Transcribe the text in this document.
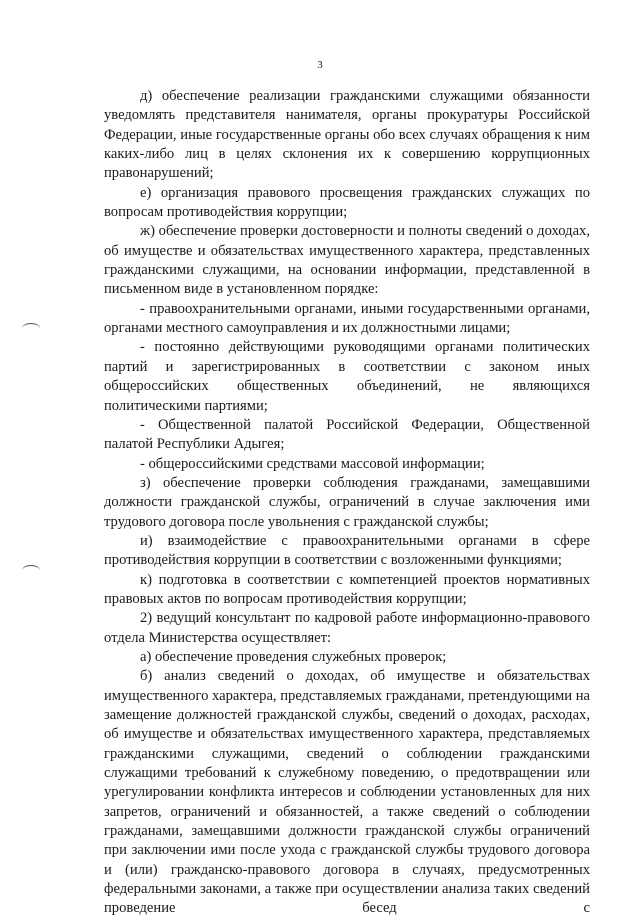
3

д) обеспечение реализации гражданскими служащими обязанности уведомлять представителя нанимателя, органы прокуратуры Российской Федерации, иные государственные органы обо всех случаях обращения к ним каких-либо лиц в целях склонения их к совершению коррупционных правонарушений;

е) организация правового просвещения гражданских служащих по вопросам противодействия коррупции;

ж) обеспечение проверки достоверности и полноты сведений о доходах, об имуществе и обязательствах имущественного характера, представленных гражданскими служащими, на основании информации, представленной в письменном виде в установленном порядке:

- правоохранительными органами, иными государственными органами, органами местного самоуправления и их должностными лицами;

- постоянно действующими руководящими органами политических партий и зарегистрированных в соответствии с законом иных общероссийских общественных объединений, не являющихся политическими партиями;

- Общественной палатой Российской Федерации, Общественной палатой Республики Адыгея;

- общероссийскими средствами массовой информации;

з) обеспечение проверки соблюдения гражданами, замещавшими должности гражданской службы, ограничений в случае заключения ими трудового договора после увольнения с гражданской службы;

и) взаимодействие с правоохранительными органами в сфере противодействия коррупции в соответствии с возложенными функциями;

к) подготовка в соответствии с компетенцией проектов нормативных правовых актов по вопросам противодействия коррупции;

2) ведущий консультант по кадровой работе информационно-правового отдела Министерства осуществляет:

а) обеспечение проведения служебных проверок;

б) анализ сведений о доходах, об имуществе и обязательствах имущественного характера, представляемых гражданами, претендующими на замещение должностей гражданской службы, сведений о доходах, расходах, об имуществе и обязательствах имущественного характера, представляемых гражданскими служащими, сведений о соблюдении гражданскими служащими требований к служебному поведению, о предотвращении или урегулировании конфликта интересов и соблюдении установленных для них запретов, ограничений и обязанностей, а также сведений о соблюдении гражданами, замещавшими должности гражданской службы ограничений при заключении ими после ухода с гражданской службы трудового договора и (или) гражданско-правового договора в случаях, предусмотренных федеральными законами, а также при осуществлении анализа таких сведений проведение бесед с
